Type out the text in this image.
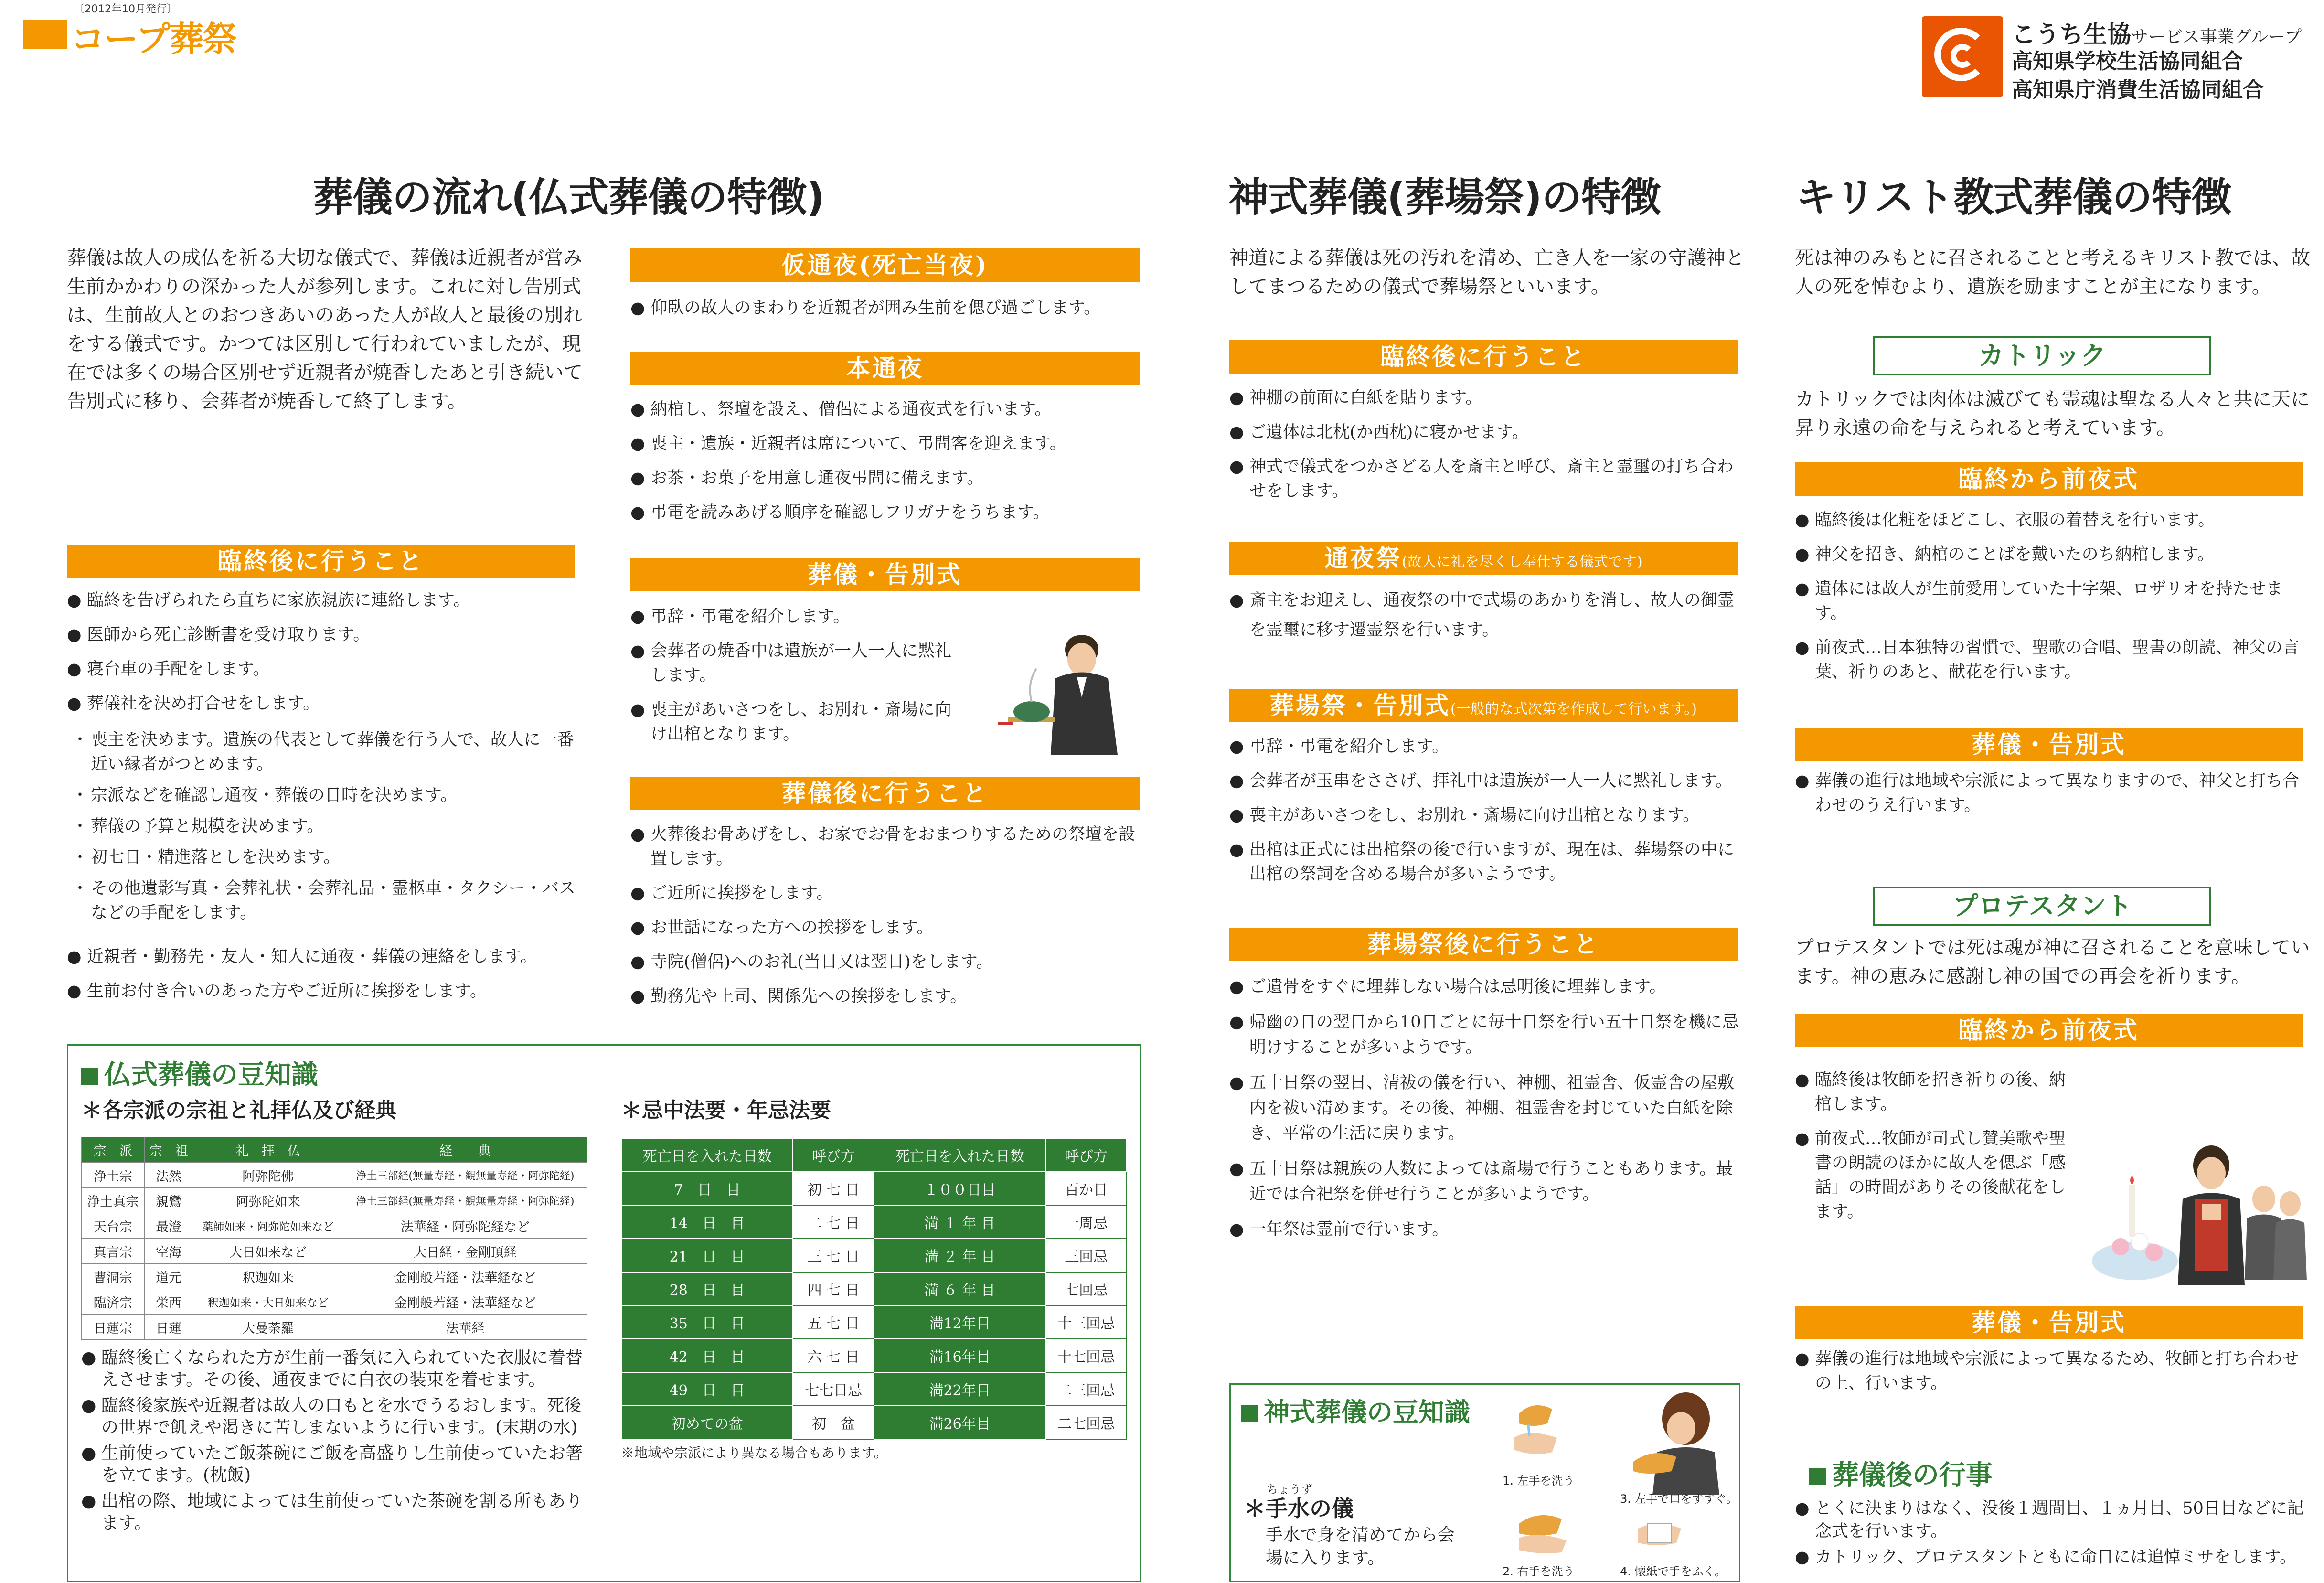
〔2012年10月発行〕
コープ葬祭	こうち生協サービス事業グループ
高知県学校生活協同組合
高知県庁消費生活協同組合
葬儀の流れ(仏式葬儀の特徴)

葬儀は故人の成仏を祈る大切な儀式で、葬儀は近親者が営み生前かかわりの深かった人が参列します。これに対し告別式は、生前故人とのおつきあいのあった人が故人と最後の別れをする儀式です。かつては区別して行われていましたが、現在では多くの場合区別せず近親者が焼香したあと引き続いて告別式に移り、会葬者が焼香して終了します。

臨終後に行うこと
● 臨終を告げられたら直ちに家族親族に連絡します。
● 医師から死亡診断書を受け取ります。
● 寝台車の手配をします。
● 葬儀社を決め打合せをします。
・ 喪主を決めます。遺族の代表として葬儀を行う人で、故人に一番近い縁者がつとめます。
・ 宗派などを確認し通夜・葬儀の日時を決めます。
・ 葬儀の予算と規模を決めます。
・ 初七日・精進落としを決めます。
・ その他遺影写真・会葬礼状・会葬礼品・霊柩車・タクシー・バスなどの手配をします。
● 近親者・勤務先・友人・知人に通夜・葬儀の連絡をします。
● 生前お付き合いのあった方やご近所に挨拶をします。
仮通夜(死亡当夜)
● 仰臥の故人のまわりを近親者が囲み生前を偲び過ごします。
本通夜
● 納棺し、祭壇を設え、僧侶による通夜式を行います。
● 喪主・遺族・近親者は席について、弔問客を迎えます。
● お茶・お菓子を用意し通夜弔問に備えます。
● 弔電を読みあげる順序を確認しフリガナをうちます。
葬儀・告別式
● 弔辞・弔電を紹介します。
● 会葬者の焼香中は遺族が一人一人に黙礼します。
● 喪主があいさつをし、お別れ・斎場に向け出棺となります。
葬儀後に行うこと
● 火葬後お骨あげをし、お家でお骨をおまつりするための祭壇を設置します。
● ご近所に挨拶をします。
● お世話になった方への挨拶をします。
● 寺院(僧侶)へのお礼(当日又は翌日)をします。
● 勤務先や上司、関係先への挨拶をします。
仏式葬儀の豆知識
＊各宗派の宗祖と礼拝仏及び経典	＊忌中法要・年忌法要
宗　派	宗　祖	礼　拝　仏	経　　典
浄土宗	法然	阿弥陀佛	浄土三部経(無量寿経・観無量寿経・阿弥陀経)
浄土真宗	親鸞	阿弥陀如来	浄土三部経(無量寿経・観無量寿経・阿弥陀経)
天台宗	最澄	薬師如来・阿弥陀如来など	法華経・阿弥陀経など
真言宗	空海	大日如来など	大日経・金剛頂経
曹洞宗	道元	釈迦如来	金剛般若経・法華経など
臨済宗	栄西	釈迦如来・大日如来など	金剛般若経・法華経など
日蓮宗	日蓮	大曼荼羅	法華経
死亡日を入れた日数	呼び方	死亡日を入れた日数	呼び方
7　日　目	初 七 日	１００日目	百か日
14　日　目	二 七 日	満 １ 年 目	一周忌
21　日　目	三 七 日	満 ２ 年 目	三回忌
28　日　目	四 七 日	満 ６ 年 目	七回忌
35　日　目	五 七 日	満12年目	十三回忌
42　日　目	六 七 日	満16年目	十七回忌
49　日　目	七七日忌	満22年目	二三回忌
初めての盆	初　盆	満26年目	二七回忌
※地域や宗派により異なる場合もあります。
● 臨終後亡くなられた方が生前一番気に入られていた衣服に着替えさせます。その後、通夜までに白衣の装束を着せます。
● 臨終後家族や近親者は故人の口もとを水でうるおします。死後の世界で飢えや渇きに苦しまないように行います。(末期の水)
● 生前使っていたご飯茶碗にご飯を高盛りし生前使っていたお箸を立てます。(枕飯)
● 出棺の際、地域によっては生前使っていた茶碗を割る所もあります。
神式葬儀(葬場祭)の特徴

神道による葬儀は死の汚れを清め、亡き人を一家の守護神としてまつるための儀式で葬場祭といいます。

臨終後に行うこと
● 神棚の前面に白紙を貼ります。
● ご遺体は北枕(か西枕)に寝かせます。
● 神式で儀式をつかさどる人を斎主と呼び、斎主と霊璽の打ち合わせをします。
通夜祭(故人に礼を尽くし奉仕する儀式です)
● 斎主をお迎えし、通夜祭の中で式場のあかりを消し、故人の御霊を霊璽に移す遷霊祭を行います。
葬場祭・告別式(一般的な式次第を作成して行います。)
● 弔辞・弔電を紹介します。
● 会葬者が玉串をささげ、拝礼中は遺族が一人一人に黙礼します。
● 喪主があいさつをし、お別れ・斎場に向け出棺となります。
● 出棺は正式には出棺祭の後で行いますが、現在は、葬場祭の中に出棺の祭詞を含める場合が多いようです。
葬場祭後に行うこと
● ご遺骨をすぐに埋葬しない場合は忌明後に埋葬します。
● 帰幽の日の翌日から10日ごとに毎十日祭を行い五十日祭を機に忌明けすることが多いようです。
● 五十日祭の翌日、清祓の儀を行い、神棚、祖霊舎、仮霊舎の屋敷内を祓い清めます。その後、神棚、祖霊舎を封じていた白紙を除き、平常の生活に戻ります。
● 五十日祭は親族の人数によっては斎場で行うこともあります。最近では合祀祭を併せ行うことが多いようです。
● 一年祭は霊前で行います。
神式葬儀の豆知識
ちょうず
＊手水の儀
手水で身を清めてから会場に入ります。
1. 左手を洗う
2. 右手を洗う
3. 左手で口をすすぐ。
4. 懐紙で手をふく。
キリスト教式葬儀の特徴

死は神のみもとに召されることと考えるキリスト教では、故人の死を悼むより、遺族を励ますことが主になります。

カトリック

カトリックでは肉体は滅びても霊魂は聖なる人々と共に天に昇り永遠の命を与えられると考えています。

臨終から前夜式
● 臨終後は化粧をほどこし、衣服の着替えを行います。
● 神父を招き、納棺のことばを戴いたのち納棺します。
● 遺体には故人が生前愛用していた十字架、ロザリオを持たせます。
● 前夜式…日本独特の習慣で、聖歌の合唱、聖書の朗読、神父の言葉、祈りのあと、献花を行います。
葬儀・告別式
● 葬儀の進行は地域や宗派によって異なりますので、神父と打ち合わせのうえ行います。
プロテスタント

プロテスタントでは死は魂が神に召されることを意味しています。神の恵みに感謝し神の国での再会を祈ります。

臨終から前夜式
● 臨終後は牧師を招き祈りの後、納棺します。
● 前夜式…牧師が司式し賛美歌や聖書の朗読のほかに故人を偲ぶ「感話」の時間がありその後献花をします。
葬儀・告別式
● 葬儀の進行は地域や宗派によって異なるため、牧師と打ち合わせの上、行います。
葬儀後の行事
● とくに決まりはなく、没後１週間目、１ヵ月目、50日目などに記念式を行います。
● カトリック、プロテスタントともに命日には追悼ミサをします。
